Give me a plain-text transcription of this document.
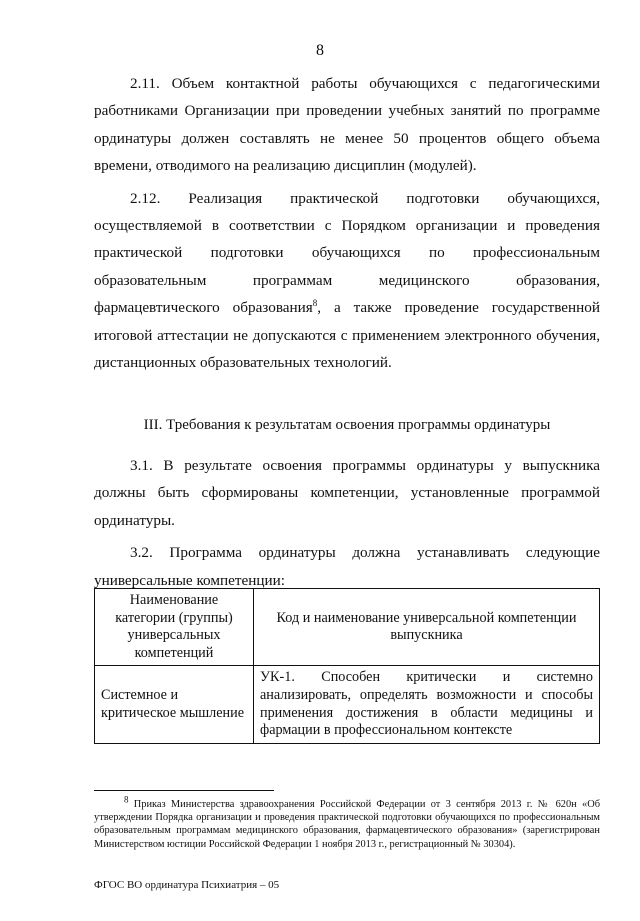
8

2.11. Объем контактной работы обучающихся с педагогическими работниками Организации при проведении учебных занятий по программе ординатуры должен составлять не менее 50 процентов общего объема времени, отводимого на реализацию дисциплин (модулей).

2.12. Реализация практической подготовки обучающихся, осуществляемой в соответствии с Порядком организации и проведения практической подготовки обучающихся по профессиональным образовательным программам медицинского образования, фармацевтического образования$^8$, а также проведение государственной итоговой аттестации не допускаются с применением электронного обучения, дистанционных образовательных технологий.

III. Требования к результатам освоения программы ординатуры

3.1. В результате освоения программы ординатуры у выпускника должны быть сформированы компетенции, установленные программой ординатуры.

3.2. Программа ординатуры должна устанавливать следующие универсальные компетенции:

Наименование категории (группы) универсальных компетенций	Код и наименование универсальной компетенции выпускника
Системное и критическое мышление	УК-1. Способен критически и системно анализировать, определять возможности и способы применения достижения в области медицины и фармации в профессиональном контексте
$^8$ Приказ Министерства здравоохранения Российской Федерации от 3 сентября 2013 г. № 620н «Об утверждении Порядка организации и проведения практической подготовки обучающихся по профессиональным образовательным программам медицинского образования, фармацевтического образования» (зарегистрирован Министерством юстиции Российской Федерации 1 ноября 2013 г., регистрационный № 30304).
ФГОС ВО ординатура Психиатрия – 05
